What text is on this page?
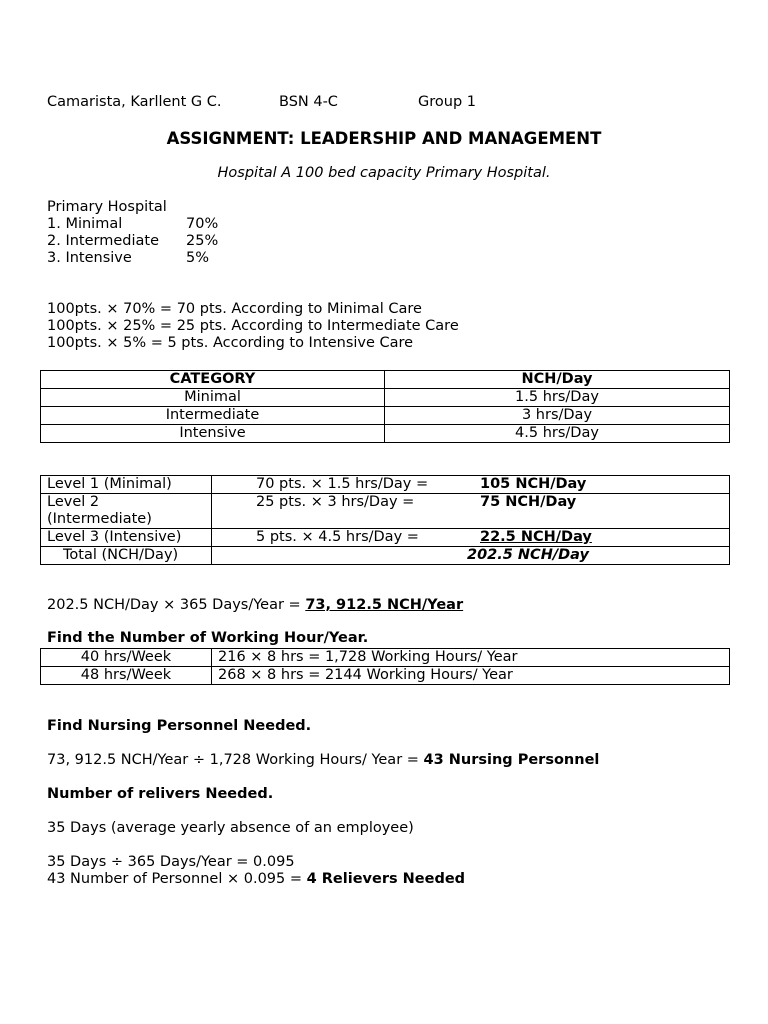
Camarista, Karllent G C.	BSN 4-C	Group 1
ASSIGNMENT: LEADERSHIP AND MANAGEMENT
Hospital A 100 bed capacity Primary Hospital.
Primary Hospital
1. Minimal	70%
2. Intermediate 25%
3. Intensive	5%
100pts. × 70% = 70 pts. According to Minimal Care
100pts. × 25% = 25 pts. According to Intermediate Care
100pts. × 5% = 5 pts. According to Intensive Care
CATEGORY	NCH/Day
Minimal	1.5 hrs/Day
Intermediate	3 hrs/Day
Intensive	4.5 hrs/Day
Level 1 (Minimal)	70 pts. × 1.5 hrs/Day = 105 NCH/Day

Level 2 (Intermediate)	25 pts. × 3 hrs/Day = 75 NCH/Day

Level 3 (Intensive)	5 pts. × 4.5 hrs/Day = 22.5 NCH/Day

Total (NCH/Day)	202.5 NCH/Day

202.5 NCH/Day × 365 Days/Year = 73, 912.5 NCH/Year
Find the Number of Working Hour/Year.
40 hrs/Week	216 × 8 hrs = 1,728 Working Hours/ Year
48 hrs/Week	268 × 8 hrs = 2144 Working Hours/ Year
Find Nursing Personnel Needed.
73, 912.5 NCH/Year ÷ 1,728 Working Hours/ Year = 43 Nursing Personnel
Number of relivers Needed.
35 Days (average yearly absence of an employee)
35 Days ÷ 365 Days/Year = 0.095
43 Number of Personnel × 0.095 = 4 Relievers Needed
